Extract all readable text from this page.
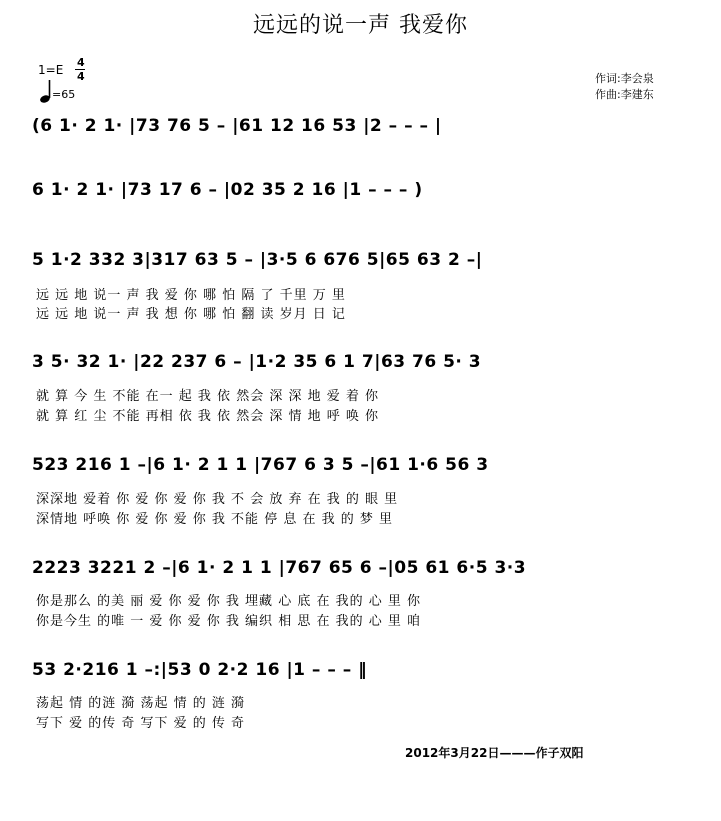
远远的说一声 我爱你
1=E
4
4
=65
作词:李会泉
作曲:李建东
(6 1· 2 1· |73 76 5 – |61 12 16 53 |2 – – – |
6 1· 2 1· |73 17 6 – |02 35 2 16 |1 – – – )
5 1·2 332 3|317 63 5 – |3·5 6 676 5|65 63 2 –|
远 远 地 说一 声 我 爱 你 哪 怕 隔 了 千里 万 里
远 远 地 说一 声 我 想 你 哪 怕 翻 读 岁月 日 记
3 5· 32 1· |22 237 6 – |1·2 35 6 1 7|63 76 5· 3
就 算 今 生 不能 在一 起 我 依 然会 深 深 地 爱 着 你
就 算 红 尘 不能 再相 依 我 依 然会 深 情 地 呼 唤 你
523 216 1 –|6 1· 2 1 1 |767 6 3 5 –|61 1·6 56 3
深深地 爱着 你 爱 你 爱 你 我 不 会 放 弃 在 我 的 眼 里
深情地 呼唤 你 爱 你 爱 你 我 不能 停 息 在 我 的 梦 里
2223 3221 2 –|6 1· 2 1 1 |767 65 6 –|05 61 6·5 3·3
你是那么 的美 丽 爱 你 爱 你 我 埋藏 心 底 在 我的 心 里 你
你是今生 的唯 一 爱 你 爱 你 我 编织 相 思 在 我的 心 里 咱
53 2·216 1 –:|53 0 2·2 16 |1 – – – ‖
荡起 情 的涟 漪 荡起 情 的 涟 漪
写下 爱 的传 奇 写下 爱 的 传 奇
2012年3月22日———作子双阳
